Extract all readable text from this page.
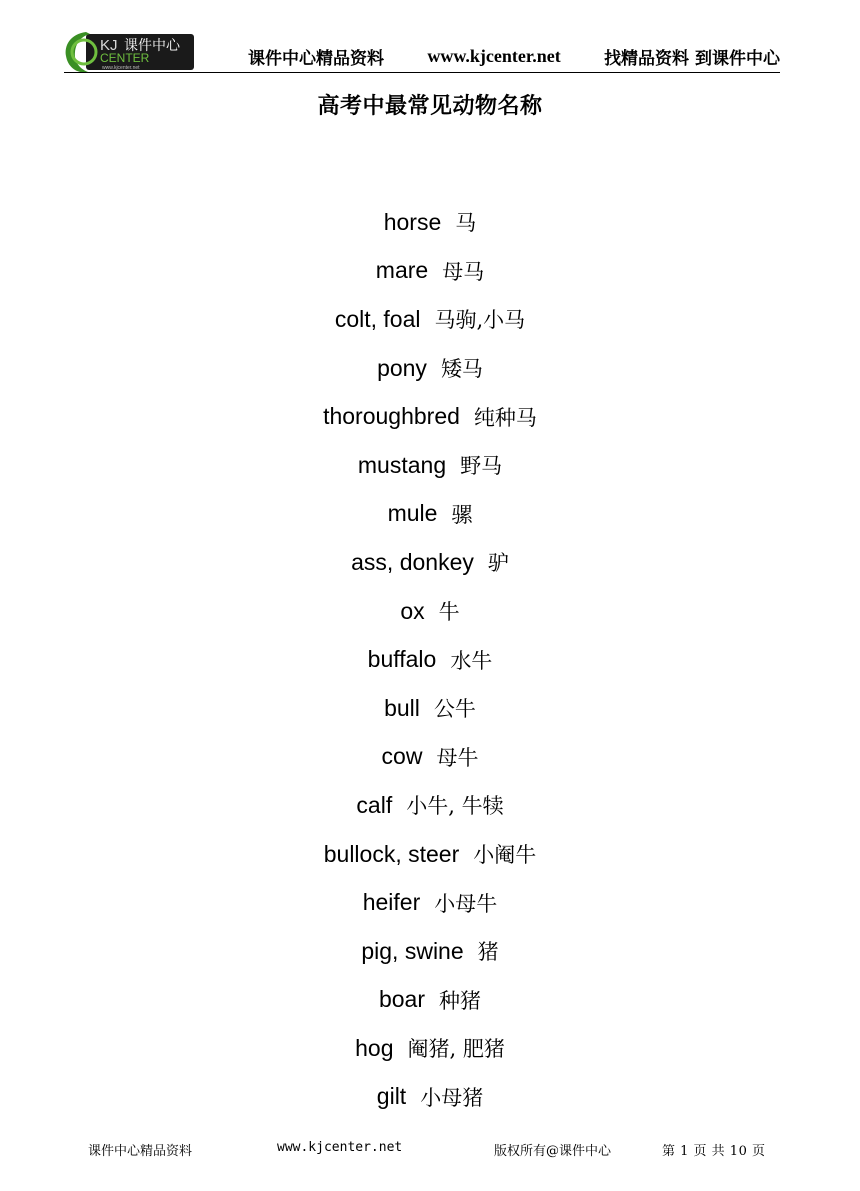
KJ 课件中心
CENTER
www.kjcenter.net	课件中心精品资料 www.kjcenter.net	找精品资料 到课件中心
高考中最常见动物名称
horse 马
mare 母马
colt, foal 马驹,小马
pony 矮马
thoroughbred 纯种马
mustang 野马
mule 骡
ass, donkey 驴
ox 牛
buffalo 水牛
bull 公牛
cow 母牛
calf 小牛, 牛犊
bullock, steer 小阉牛
heifer 小母牛
pig, swine 猪
boar 种猪
hog 阉猪, 肥猪
gilt 小母猪
课件中心精品资料	www.kjcenter.net	版权所有@课件中心	第 1 页 共 10 页
